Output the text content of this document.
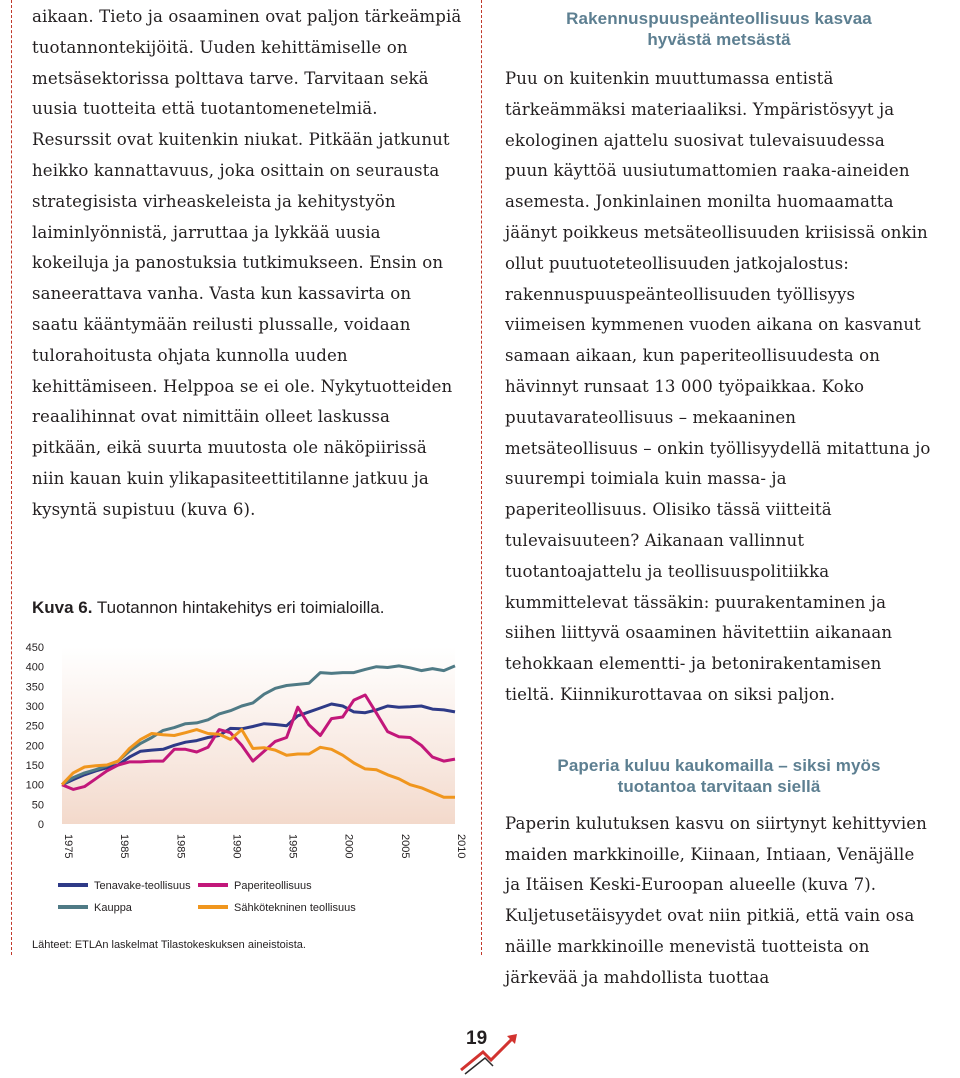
aikaan. Tieto ja osaaminen ovat paljon tärkeämpiä tuotannontekijöitä. Uuden kehittämiselle on metsäsektorissa polttava tarve. Tarvitaan sekä uusia tuotteita että tuotantomenetelmiä. Resurssit ovat kuitenkin niukat. Pitkään jatkunut heikko kannattavuus, joka osittain on seurausta strategisista virheaskeleista ja kehitystyön laiminlyönnistä, jarruttaa ja lykkää uusia kokeiluja ja panostuksia tutkimukseen. Ensin on saneerattava vanha. Vasta kun kassavirta on saatu kääntymään reilusti plussalle, voidaan tulorahoitusta ohjata kunnolla uuden kehittämiseen. Helppoa se ei ole. Nykytuotteiden reaalihinnat ovat nimittäin olleet laskussa pitkään, eikä suurta muutosta ole näköpiirissä niin kauan kuin ylikapasiteettitilanne jatkuu ja kysyntä supistuu (kuva 6).
Kuva 6. Tuotannon hintakehitys eri toimialoilla.
450
400
350
300
250
200
150
100
50
0
1975	1985	1985	1990	1995	2000	2005	2010
Tenavake-teollisuus
Kauppa
Paperiteollisuus
Sähkötekninen teollisuus
Lähteet: ETLAn laskelmat Tilastokeskuksen aineistoista.
Rakennuspuuspeänteollisuus kasvaa
hyvästä metsästä
Puu on kuitenkin muuttumassa entistä tärkeämmäksi materiaaliksi. Ympäristösyyt ja ekologinen ajattelu suosivat tulevaisuudessa puun käyttöä uusiutumattomien raaka-aineiden asemesta. Jonkinlainen monilta huomaamatta jäänyt poikkeus metsäteollisuuden kriisissä onkin ollut puutuoteteollisuuden jatkojalostus: rakennuspuuspeänteollisuuden työllisyys viimeisen kymmenen vuoden aikana on kasvanut samaan aikaan, kun paperiteollisuudesta on hävinnyt runsaat 13 000 työpaikkaa. Koko puutavarateollisuus – mekaaninen metsäteollisuus – onkin työllisyydellä mitattuna jo suurempi toimiala kuin massa- ja paperiteollisuus. Olisiko tässä viitteitä tulevaisuuteen? Aikanaan vallinnut tuotantoajattelu ja teollisuuspolitiikka kummittelevat tässäkin: puurakentaminen ja siihen liittyvä osaaminen hävitettiin aikanaan tehokkaan elementti- ja betonirakentamisen tieltä. Kiinnikurottavaa on siksi paljon.
Paperia kuluu kaukomailla – siksi myös
tuotantoa tarvitaan siellä
Paperin kulutuksen kasvu on siirtynyt kehittyvien maiden markkinoille, Kiinaan, Intiaan, Venäjälle ja Itäisen Keski-Euroopan alueelle (kuva 7). Kuljetusetäisyydet ovat niin pitkiä, että vain osa näille markkinoille menevistä tuotteista on järkevää ja mahdollista tuottaa
19
